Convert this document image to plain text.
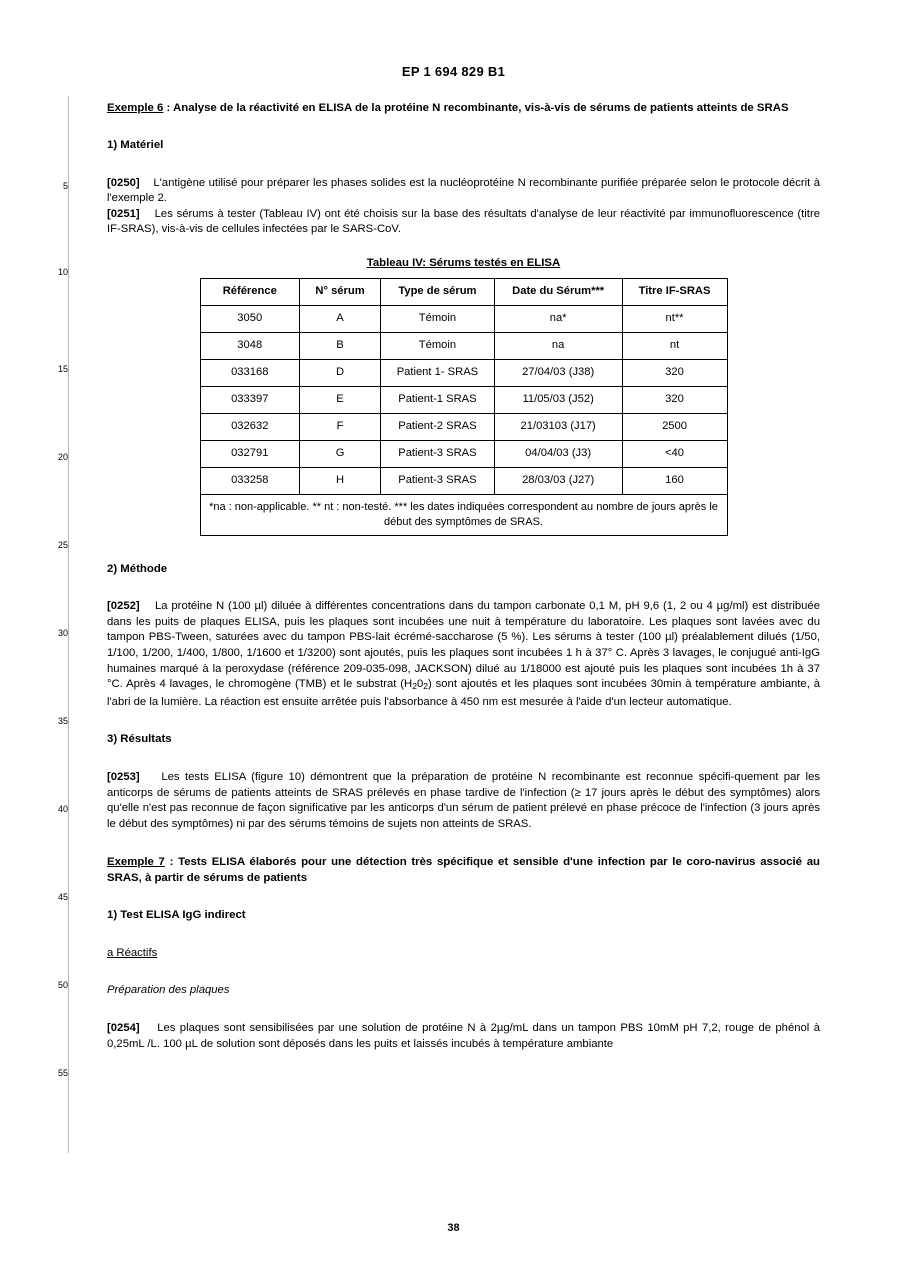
EP 1 694 829 B1
5
10
15
20
25
30
35
40
45
50
55
Exemple 6 : Analyse de la réactivité en ELISA de la protéine N recombinante, vis-à-vis de sérums de patients atteints de SRAS
1) Matériel
[0250] L'antigène utilisé pour préparer les phases solides est la nucléoprotéine N recombinante purifiée préparée selon le protocole décrit à l'exemple 2.
[0251] Les sérums à tester (Tableau IV) ont été choisis sur la base des résultats d'analyse de leur réactivité par immunofluorescence (titre IF-SRAS), vis-à-vis de cellules infectées par le SARS-CoV.
Tableau IV: Sérums testés en ELISA
Référence	N° sérum	Type de sérum	Date du Sérum***	Titre IF-SRAS
3050	A	Témoin	na*	nt**
3048	B	Témoin	na	nt
033168	D	Patient 1- SRAS	27/04/03 (J38)	320
033397	E	Patient-1 SRAS	11/05/03 (J52)	320
032632	F	Patient-2 SRAS	21/03103 (J17)	2500
032791	G	Patient-3 SRAS	04/04/03 (J3)	<40
033258	H	Patient-3 SRAS	28/03/03 (J27)	160
*na : non-applicable. ** nt : non-testé. *** les dates indiquées correspondent au nombre de jours après le début des symptômes de SRAS.				
2) Méthode
[0252] La protéine N (100 µl) diluée à différentes concentrations dans du tampon carbonate 0,1 M, pH 9,6 (1, 2 ou 4 µg/ml) est distribuée dans les puits de plaques ELISA, puis les plaques sont incubées une nuit à température du laboratoire. Les plaques sont lavées avec du tampon PBS-Tween, saturées avec du tampon PBS-lait écrémé-saccharose (5 %). Les sérums à tester (100 µl) préalablement dilués (1/50, 1/100, 1/200, 1/400, 1/800, 1/1600 et 1/3200) sont ajoutés, puis les plaques sont incubées 1 h à 37° C. Après 3 lavages, le conjugué anti-IgG humaines marqué à la peroxydase (référence 209-035-098, JACKSON) dilué au 1/18000 est ajouté puis les plaques sont incubées 1h à 37 °C. Après 4 lavages, le chromogène (TMB) et le substrat $(H_20_2)$ sont ajoutés et les plaques sont incubées 30min à température ambiante, à l'abri de la lumière. La réaction est ensuite arrêtée puis l'absorbance à 450 nm est mesurée à l'aide d'un lecteur automatique.
3) Résultats
[0253] Les tests ELISA (figure 10) démontrent que la préparation de protéine N recombinante est reconnue spécifi-quement par les anticorps de sérums de patients atteints de SRAS prélevés en phase tardive de l'infection (≥ 17 jours après le début des symptômes) alors qu'elle n'est pas reconnue de façon significative par les anticorps d'un sérum de patient prélevé en phase précoce de l'infection (3 jours après le début des symptômes) ni par des sérums témoins de sujets non atteints de SRAS.
Exemple 7 : Tests ELISA élaborés pour une détection très spécifique et sensible d'une infection par le coro-navirus associé au SRAS, à partir de sérums de patients
1) Test ELISA IgG indirect
a Réactifs
Préparation des plaques
[0254] Les plaques sont sensibilisées par une solution de protéine N à 2µg/mL dans un tampon PBS 10mM pH 7,2, rouge de phénol à 0,25mL /L. 100 µL de solution sont déposés dans les puits et laissés incubés à température ambiante
38
